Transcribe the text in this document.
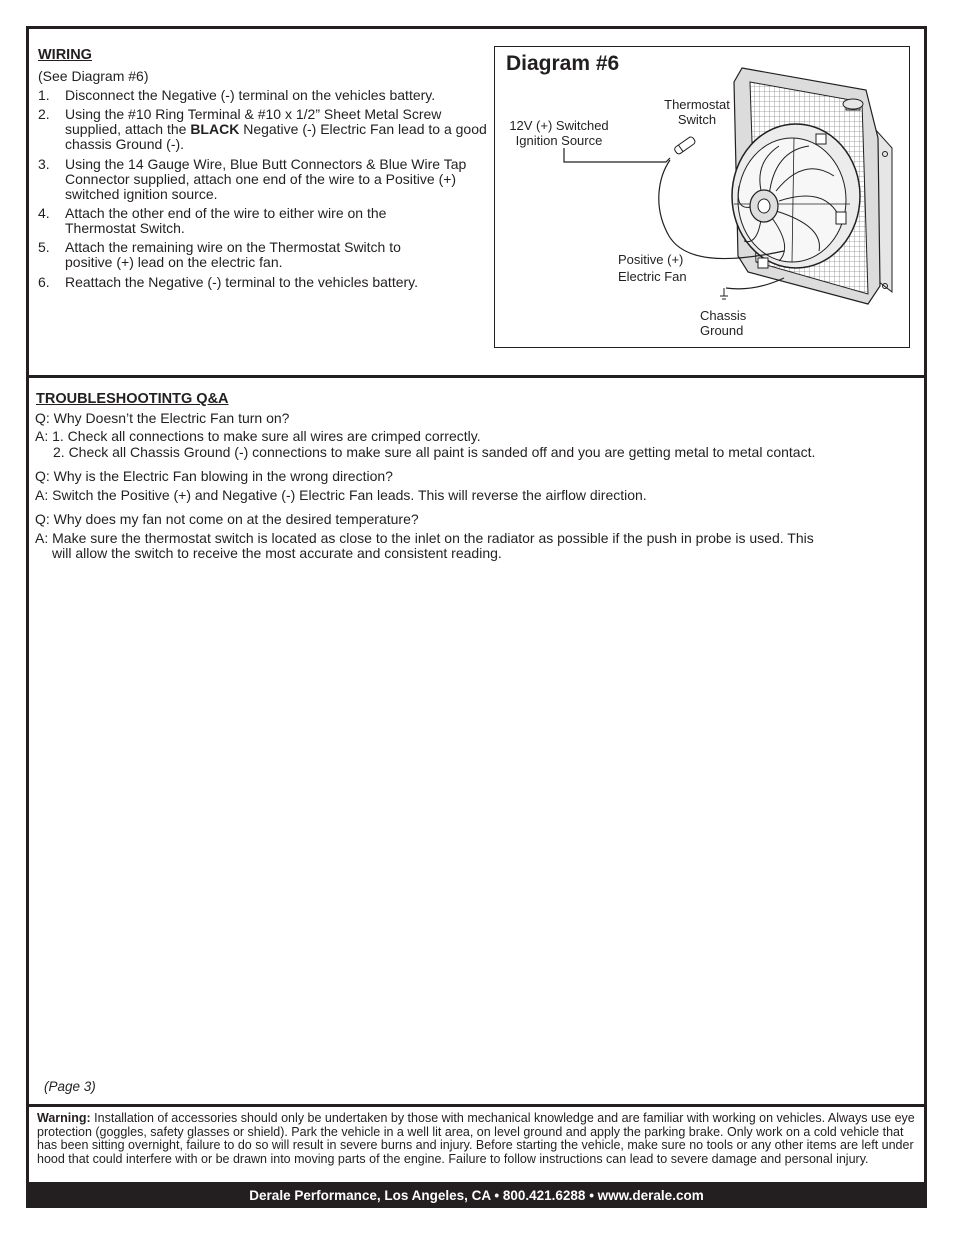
WIRING
(See Diagram #6)
1. Disconnect the Negative (-) terminal on the vehicles battery.
2. Using the #10 Ring Terminal & #10 x 1/2” Sheet Metal Screw supplied, attach the BLACK Negative (-) Electric Fan lead to a good chassis Ground (-).
3. Using the 14 Gauge Wire, Blue Butt Connectors & Blue Wire Tap Connector supplied, attach one end of the wire to a Positive (+) switched ignition source.
4. Attach the other end of the wire to either wire on the Thermostat Switch.
5. Attach the remaining wire on the Thermostat Switch to positive (+) lead on the electric fan.
6. Reattach the Negative (-) terminal to the vehicles battery.
Diagram #6
12V (+) Switched
Ignition Source
Thermostat
Switch
Positive (+)
Electric Fan
Chassis
Ground
TROUBLESHOOTINTG Q&A
Q: Why Doesn’t the Electric Fan turn on?
A: 1. Check all connections to make sure all wires are crimped correctly.
2. Check all Chassis Ground (-) connections to make sure all paint is sanded off and you are getting metal to metal contact.
Q: Why is the Electric Fan blowing in the wrong direction?
A: Switch the Positive (+) and Negative (-) Electric Fan leads. This will reverse the airflow direction.
Q: Why does my fan not come on at the desired temperature?
A: Make sure the thermostat switch is located as close to the inlet on the radiator as possible if the push in probe is used. This
will allow the switch to receive the most accurate and consistent reading.
(Page 3)
Warning: Installation of accessories should only be undertaken by those with mechanical knowledge and are familiar with working on vehicles. Always use eye protection (goggles, safety glasses or shield). Park the vehicle in a well lit area, on level ground and apply the parking brake. Only work on a cold vehicle that has been sitting overnight, failure to do so will result in severe burns and injury. Before starting the vehicle, make sure no tools or any other items are left under hood that could interfere with or be drawn into moving parts of the engine. Failure to follow instructions can lead to severe damage and personal injury.
Derale Performance, Los Angeles, CA • 800.421.6288 • www.derale.com
